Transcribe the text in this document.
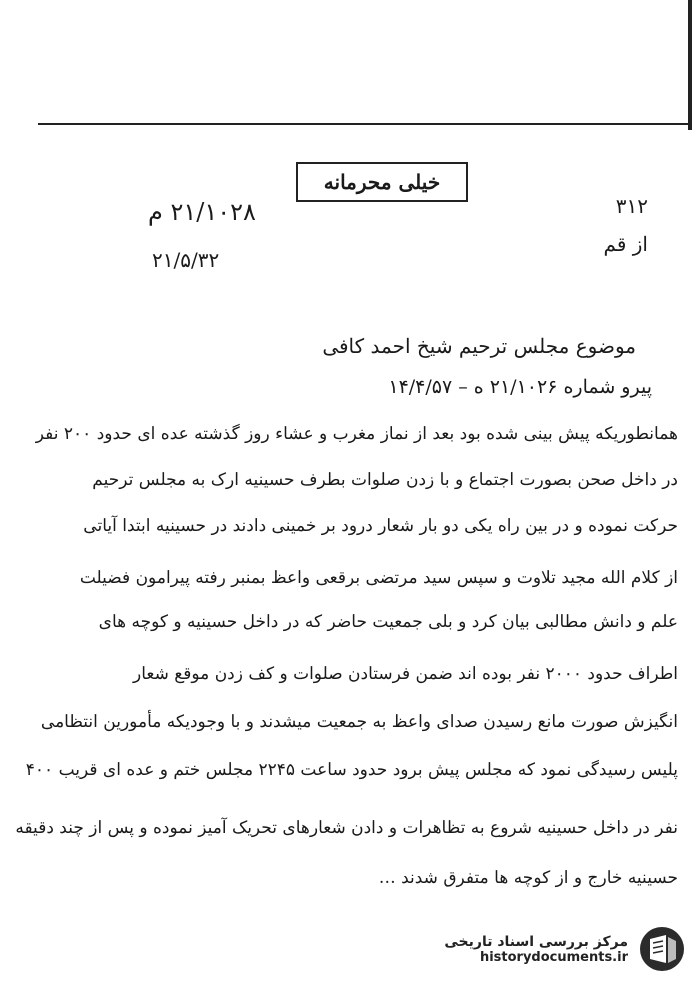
خیلی محرمانه
۲۱/۱۰۲۸ م
۲۱/۵/۳۲
۳۱۲
از قم
موضوع مجلس ترحیم شیخ احمد کافی
پیرو شماره ۲۱/۱۰۲۶ ه – ۱۴/۴/۵۷
همانطوریکه پیش بینی شده بود بعد از نماز مغرب و عشاء روز گذشته عده ای حدود ۲۰۰ نفر
در داخل صحن بصورت اجتماع و با زدن صلوات بطرف حسینیه ارک به مجلس ترحیم
حرکت نموده و در بین راه یکی دو بار شعار درود بر خمینی دادند در حسینیه ابتدا آیاتی
از کلام الله مجید تلاوت و سپس سید مرتضی برقعی واعظ بمنبر رفته پیرامون فضیلت
علم و دانش مطالبی بیان کرد و بلی جمعیت حاضر که در داخل حسینیه و کوچه های
اطراف حدود ۲۰۰۰ نفر بوده اند ضمن فرستادن صلوات و کف زدن موقع شعار
انگیزش صورت مانع رسیدن صدای واعظ به جمعیت میشدند و با وجودیکه مأمورین انتظامی
پلیس رسیدگی نمود که مجلس پیش برود حدود ساعت ۲۲۴۵ مجلس ختم و عده ای قریب ۴۰۰
نفر در داخل حسینیه شروع به تظاهرات و دادن شعارهای تحریک آمیز نموده و پس از چند دقیقه
حسینیه خارج و از کوچه ها متفرق شدند …
مرکز بررسی اسناد تاریخی
historydocuments.ir
